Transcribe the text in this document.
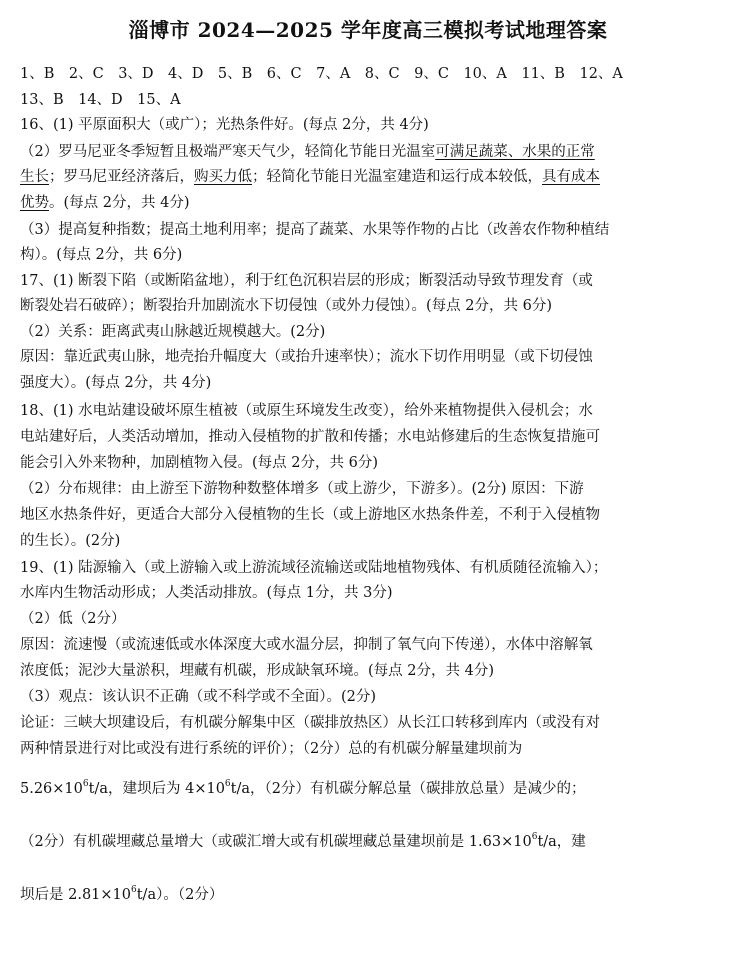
淄博市 2024—2025 学年度高三模拟考试地理答案
1、B　2、C　3、D　4、D　5、B　6、C　7、A　8、C　9、C　10、A　11、B　12、A
13、B　14、D　15、A
16、(1) 平原面积大（或广）；光热条件好。(每点 2分，共 4分)
（2）罗马尼亚冬季短暂且极端严寒天气少，轻简化节能日光温室可满足蔬菜、水果的正常
生长；罗马尼亚经济落后，购买力低；轻简化节能日光温室建造和运行成本较低，具有成本
优势。(每点 2分，共 4分)
（3）提高复种指数；提高土地利用率；提高了蔬菜、水果等作物的占比（改善农作物种植结
构）。(每点 2分，共 6分)
17、(1) 断裂下陷（或断陷盆地），利于红色沉积岩层的形成；断裂活动导致节理发育（或
断裂处岩石破碎）；断裂抬升加剧流水下切侵蚀（或外力侵蚀）。(每点 2分，共 6分)
（2）关系：距离武夷山脉越近规模越大。(2分)
原因：靠近武夷山脉，地壳抬升幅度大（或抬升速率快）；流水下切作用明显（或下切侵蚀
强度大）。(每点 2分，共 4分)
18、(1) 水电站建设破坏原生植被（或原生环境发生改变），给外来植物提供入侵机会；水
电站建好后，人类活动增加，推动入侵植物的扩散和传播；水电站修建后的生态恢复措施可
能会引入外来物种，加剧植物入侵。(每点 2分，共 6分)
（2）分布规律：由上游至下游物种数整体增多（或上游少，下游多）。(2分) 原因：下游
地区水热条件好，更适合大部分入侵植物的生长（或上游地区水热条件差，不利于入侵植物
的生长）。(2分)
19、(1) 陆源输入（或上游输入或上游流域径流输送或陆地植物残体、有机质随径流输入）；
水库内生物活动形成；人类活动排放。(每点 1分，共 3分)
（2）低（2分）
原因：流速慢（或流速低或水体深度大或水温分层，抑制了氧气向下传递），水体中溶解氧
浓度低；泥沙大量淤积，埋藏有机碳，形成缺氧环境。(每点 2分，共 4分)
（3）观点：该认识不正确（或不科学或不全面）。(2分)
论证：三峡大坝建设后，有机碳分解集中区（碳排放热区）从长江口转移到库内（或没有对
两种情景进行对比或没有进行系统的评价）；（2分）总的有机碳分解量建坝前为
$5.26\times 10^6t/a$，建坝后为 $4\times 10^6t/a$，（2分）有机碳分解总量（碳排放总量）是减少的；
（2分）有机碳埋藏总量增大（或碳汇增大或有机碳埋藏总量建坝前是 $1.63\times 10^6t/a$，建
坝后是 $2.81\times 10^6t/a$）。（2分）
